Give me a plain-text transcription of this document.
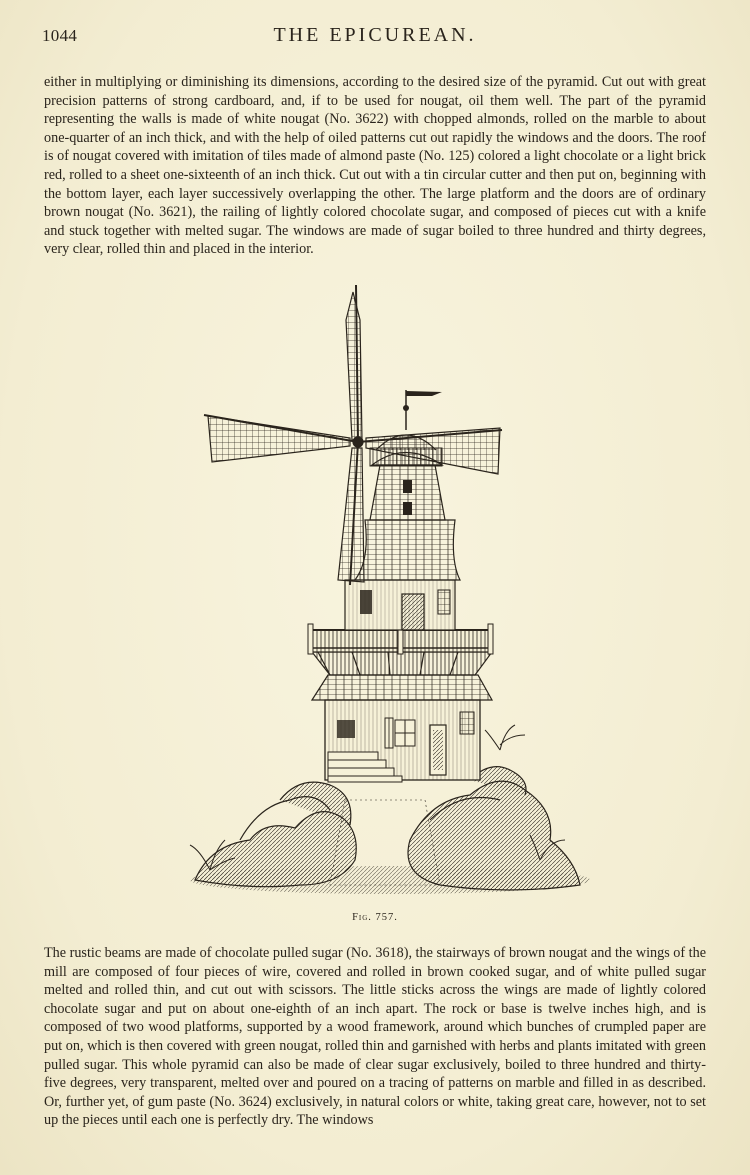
1044	THE EPICUREAN.

either in multiplying or diminishing its dimensions, according to the desired size of the pyramid. Cut out with great precision patterns of strong cardboard, and, if to be used for nougat, oil them well. The part of the pyramid representing the walls is made of white nougat (No. 3622) with chopped almonds, rolled on the marble to about one-quarter of an inch thick, and with the help of oiled patterns cut out rapidly the windows and the doors. The roof is of nougat covered with imitation of tiles made of almond paste (No. 125) colored a light chocolate or a light brick red, rolled to a sheet one-sixteenth of an inch thick. Cut out with a tin circular cutter and then put on, beginning with the bottom layer, each layer successively overlapping the other. The large platform and the doors are of ordinary brown nougat (No. 3621), the railing of lightly colored chocolate sugar, and composed of pieces cut with a knife and stuck together with melted sugar. The windows are made of sugar boiled to three hundred and thirty degrees, very clear, rolled thin and placed in the interior.

Fig. 757.

The rustic beams are made of chocolate pulled sugar (No. 3618), the stairways of brown nougat and the wings of the mill are composed of four pieces of wire, covered and rolled in brown cooked sugar, and of white pulled sugar melted and rolled thin, and cut out with scissors. The little sticks across the wings are made of lightly colored chocolate sugar and put on about one-eighth of an inch apart. The rock or base is twelve inches high, and is composed of two wood platforms, supported by a wood framework, around which bunches of crumpled paper are put on, which is then covered with green nougat, rolled thin and garnished with herbs and plants imitated with green pulled sugar. This whole pyramid can also be made of clear sugar exclusively, boiled to three hundred and thirty-five degrees, very transparent, melted over and poured on a tracing of patterns on marble and filled in as described. Or, further yet, of gum paste (No. 3624) exclusively, in natural colors or white, taking great care, however, not to set up the pieces until each one is perfectly dry. The windows
